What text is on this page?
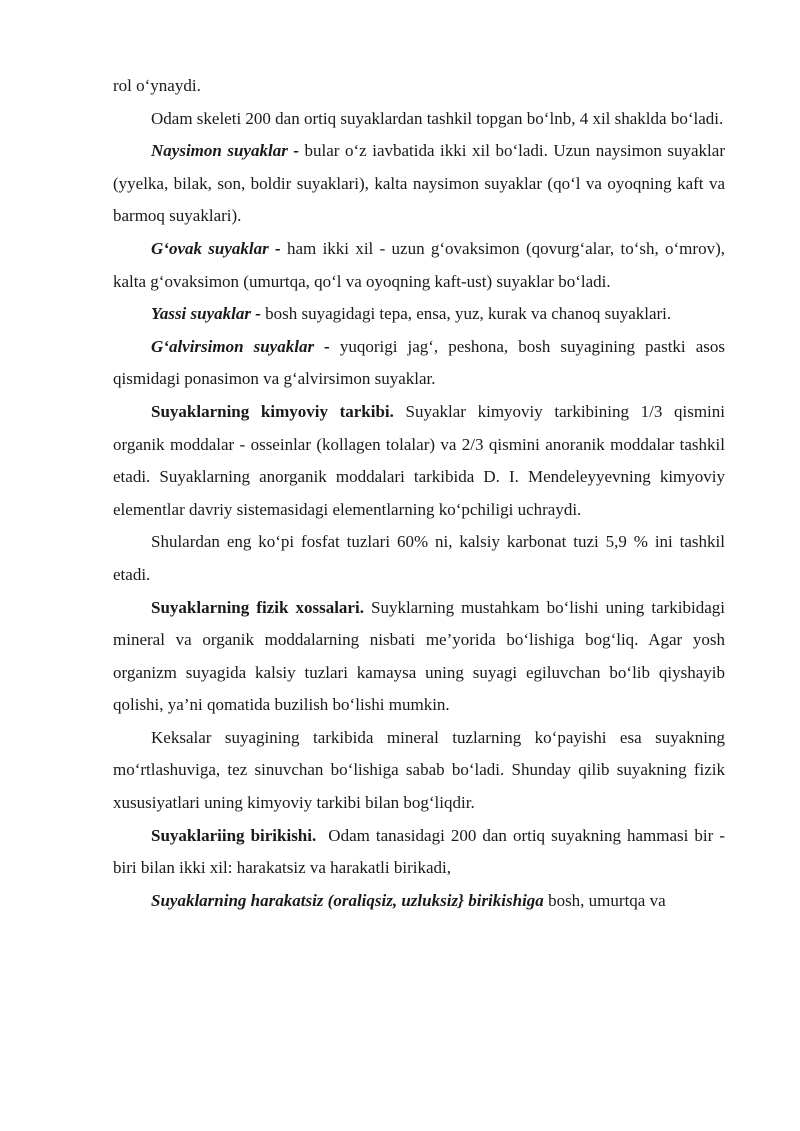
rol o‘ynaydi.

Odam skeleti 200 dan ortiq suyaklardan tashkil topgan bo‘lnb, 4 xil shaklda bo‘ladi.

Naysimon suyaklar - bular o‘z iavbatida ikki xil bo‘ladi. Uzun naysimon suyaklar (yyelka, bilak, son, boldir suyaklari), kalta naysimon suyaklar (qo‘l va oyoqning kaft va barmoq suyaklari).

G‘ovak suyaklar - ham ikki xil - uzun g‘ovaksimon (qovurg‘alar, to‘sh, o‘mrov), kalta g‘ovaksimon (umurtqa, qo‘l va oyoqning kaft-ust) suyaklar bo‘ladi.

Yassi suyaklar - bosh suyagidagi tepa, ensa, yuz, kurak va chanoq suyaklari.

G‘alvirsimon suyaklar - yuqorigi jag‘, peshona, bosh suyagining pastki asos qismidagi ponasimon va g‘alvirsimon suyaklar.

Suyaklarning kimyoviy tarkibi. Suyaklar kimyoviy tarkibining 1/3 qismini organik moddalar - osseinlar (kollagen tolalar) va 2/3 qismini anoranik moddalar tashkil etadi. Suyaklarning anorganik moddalari tarkibida D. I. Mendeleyyevning kimyoviy elementlar davriy sistemasidagi elementlarning ko‘pchiligi uchraydi.

Shulardan eng ko‘pi fosfat tuzlari 60% ni, kalsiy karbonat tuzi 5,9 % ini tashkil etadi.

Suyaklarning fizik xossalari. Suyklarning mustahkam bo‘lishi uning tarkibidagi mineral va organik moddalarning nisbati me’yorida bo‘lishiga bog‘liq. Agar yosh organizm suyagida kalsiy tuzlari kamaysa uning suyagi egiluvchan bo‘lib qiyshayib qolishi, ya’ni qomatida buzilish bo‘lishi mumkin.

Keksalar suyagining tarkibida mineral tuzlarning ko‘payishi esa suyakning mo‘rtlashuviga, tez sinuvchan bo‘lishiga sabab bo‘ladi. Shunday qilib suyakning fizik xususiyatlari uning kimyoviy tarkibi bilan bog‘liqdir.

Suyaklariing birikishi.  Odam tanasidagi 200 dan ortiq suyakning hammasi bir - biri bilan ikki xil: harakatsiz va harakatli birikadi,

Suyaklarning harakatsiz (oraliqsiz, uzluksiz} birikishiga bosh, umurtqa va
